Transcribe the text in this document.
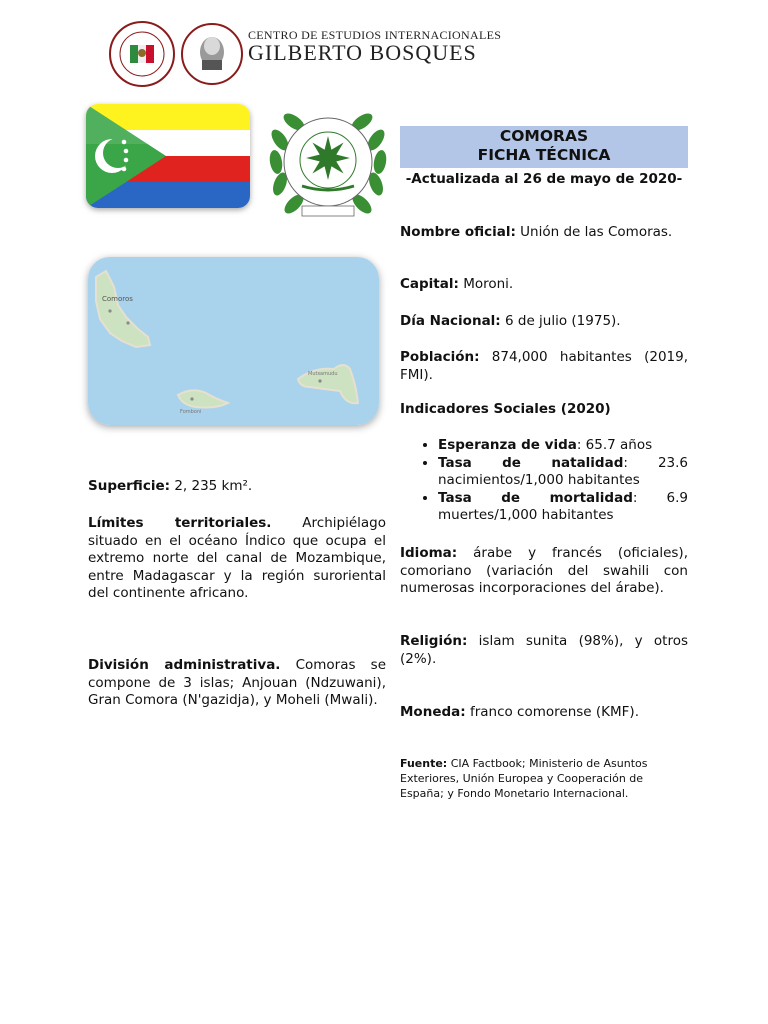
CENTRO DE ESTUDIOS INTERNACIONALES
GILBERTO BOSQUES
Comoros
Fomboni
Mutsamudu
COMORAS
FICHA TÉCNICA
-Actualizada al 26 de mayo de 2020-
Nombre oficial: Unión de las Comoras.
Capital: Moroni.
Día Nacional: 6 de julio (1975).
Población: 874,000 habitantes (2019, FMI).
Indicadores Sociales (2020)
• Esperanza de vida: 65.7 años
• Tasa de natalidad: 23.6 nacimientos/1,000 habitantes
• Tasa de mortalidad: 6.9 muertes/1,000 habitantes
Idioma: árabe y francés (oficiales), comoriano (variación del swahili con numerosas incorporaciones del árabe).
Religión: islam sunita (98%), y otros (2%).
Moneda: franco comorense (KMF).
Fuente: CIA Factbook; Ministerio de Asuntos Exteriores, Unión Europea y Cooperación de España; y Fondo Monetario Internacional.
Superficie: 2, 235 km².
Límites territoriales. Archipiélago situado en el océano Índico que ocupa el extremo norte del canal de Mozambique, entre Madagascar y la región suroriental del continente africano.
División administrativa. Comoras se compone de 3 islas; Anjouan (Ndzuwani), Gran Comora (N'gazidja), y Moheli (Mwali).
